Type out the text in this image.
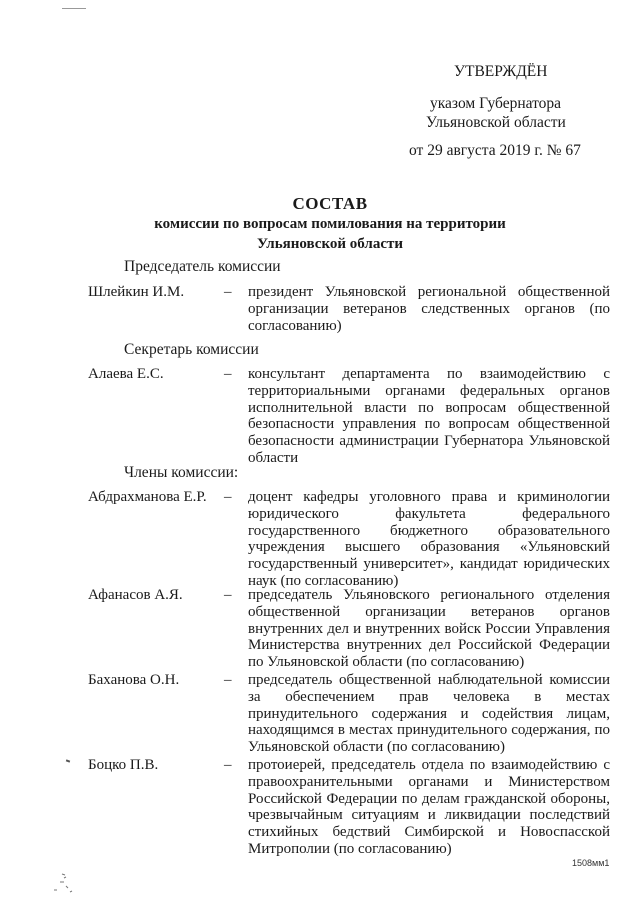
УТВЕРЖДЁН
указом Губернатора
Ульяновской области
от 29 августа 2019 г. № 67
СОСТАВ
комиссии по вопросам помилования на территории
Ульяновской области
Председатель комиссии
Шлейкин И.М.	– президент Ульяновской региональной общественной организации ветеранов следственных органов (по согласованию)
Секретарь комиссии
Алаева Е.С.	– консультант департамента по взаимодействию с территориальными органами федеральных органов исполнительной власти по вопросам общественной безопасности управления по вопросам общественной безопасности администрации Губернатора Ульяновской области
Члены комиссии:
Абдрахманова Е.Р. – доцент кафедры уголовного права и криминологии юридического факультета федерального государственного бюджетного образовательного учреждения высшего образования «Ульяновский государственный университет», кандидат юридических наук (по согласованию)
Афанасов А.Я.	– председатель Ульяновского регионального отделения общественной организации ветеранов органов внутренних дел и внутренних войск России Управления Министерства внутренних дел Российской Федерации по Ульяновской области (по согласованию)
Баханова О.Н.	– председатель общественной наблюдательной комиссии за обеспечением прав человека в местах принудительного содержания и содействия лицам, находящимся в местах принудительного содержания, по Ульяновской области (по согласованию)
Боцко П.В.	– протоиерей, председатель отдела по взаимодействию с правоохранительными органами и Министерством Российской Федерации по делам гражданской обороны, чрезвычайным ситуациям и ликвидации последствий стихийных бедствий Симбирской и Новоспасской Митрополии (по согласованию)
1508мм1
